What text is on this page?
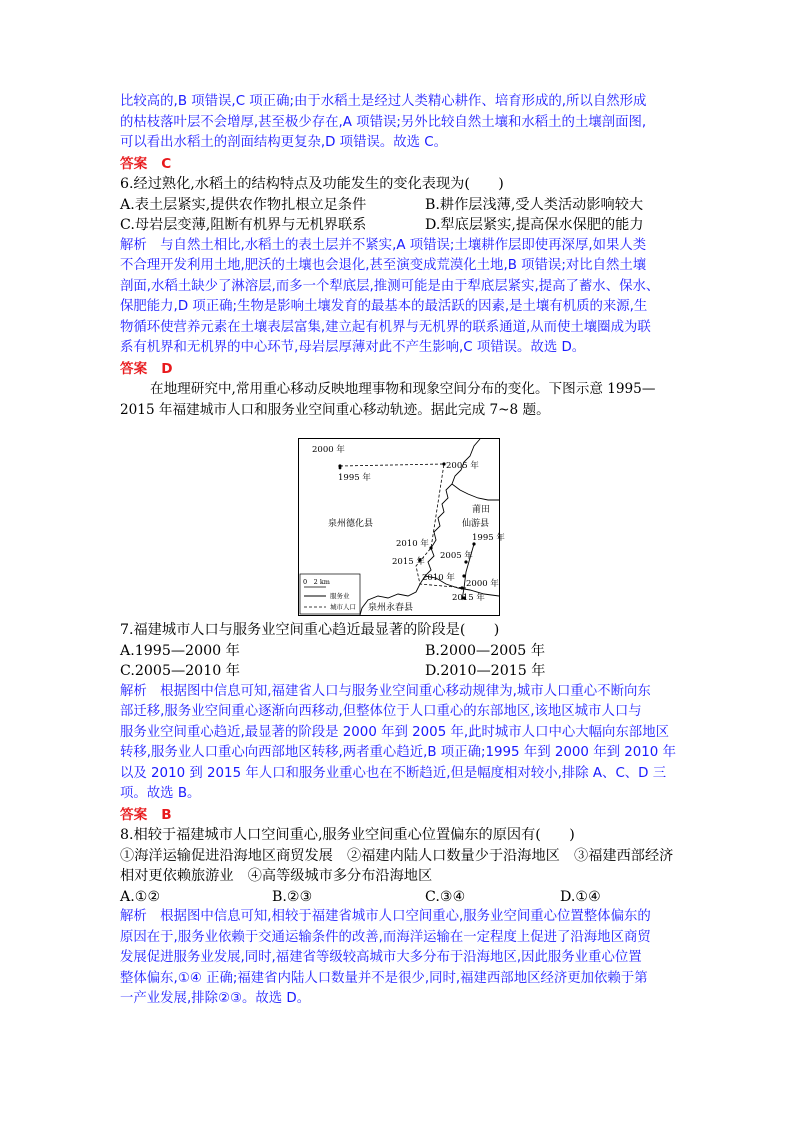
比较高的,B 项错误,C 项正确;由于水稻土是经过人类精心耕作、培育形成的,所以自然形成
的枯枝落叶层不会增厚,甚至极少存在,A 项错误;另外比较自然土壤和水稻土的土壤剖面图,
可以看出水稻土的剖面结构更复杂,D 项错误。故选 C。
答案 C
6.经过熟化,水稻土的结构特点及功能发生的变化表现为(　　)
A.表土层紧实,提供农作物扎根立足条件	B.耕作层浅薄,受人类活动影响较大
C.母岩层变薄,阻断有机界与无机界联系	D.犁底层紧实,提高保水保肥的能力
解析　与自然土相比,水稻土的表土层并不紧实,A 项错误;土壤耕作层即使再深厚,如果人类
不合理开发利用土地,肥沃的土壤也会退化,甚至演变成荒漠化土地,B 项错误;对比自然土壤
剖面,水稻土缺少了淋溶层,而多一个犁底层,推测可能是由于犁底层紧实,提高了蓄水、保水、
保肥能力,D 项正确;生物是影响土壤发育的最基本的最活跃的因素,是土壤有机质的来源,生
物循环使营养元素在土壤表层富集,建立起有机界与无机界的联系通道,从而使土壤圈成为联
系有机界和无机界的中心环节,母岩层厚薄对此不产生影响,C 项错误。故选 D。
答案 D
在地理研究中,常用重心移动反映地理事物和现象空间分布的变化。下图示意 1995—
2015 年福建城市人口和服务业空间重心移动轨迹。据此完成 7~8 题。
2000 年
1995 年
2005 年
泉州德化县
莆田
仙游县
1995 年
2010 年
2005 年
2015 年
2010 年
2000 年
2015 年
泉州永春县
0　2 km
服务业
城市人口
7.福建城市人口与服务业空间重心趋近最显著的阶段是(　　)
A.1995—2000 年	B.2000—2005 年
C.2005—2010 年	D.2010—2015 年
解析　根据图中信息可知,福建省人口与服务业空间重心移动规律为,城市人口重心不断向东
部迁移,服务业空间重心逐渐向西移动,但整体位于人口重心的东部地区,该地区城市人口与
服务业空间重心趋近,最显著的阶段是 2000 年到 2005 年,此时城市人口中心大幅向东部地区
转移,服务业人口重心向西部地区转移,两者重心趋近,B 项正确;1995 年到 2000 年到 2010 年
以及 2010 到 2015 年人口和服务业重心也在不断趋近,但是幅度相对较小,排除 A、C、D 三
项。故选 B。
答案 B
8.相较于福建城市人口空间重心,服务业空间重心位置偏东的原因有(　　)
①海洋运输促进沿海地区商贸发展　②福建内陆人口数量少于沿海地区　③福建西部经济
相对更依赖旅游业　④高等级城市多分布沿海地区
A.①②	B.②③	C.③④	D.①④
解析　根据图中信息可知,相较于福建省城市人口空间重心,服务业空间重心位置整体偏东的
原因在于,服务业依赖于交通运输条件的改善,而海洋运输在一定程度上促进了沿海地区商贸
发展促进服务业发展,同时,福建省等级较高城市大多分布于沿海地区,因此服务业重心位置
整体偏东,①④ 正确;福建省内陆人口数量并不是很少,同时,福建西部地区经济更加依赖于第
一产业发展,排除②③。故选 D。
